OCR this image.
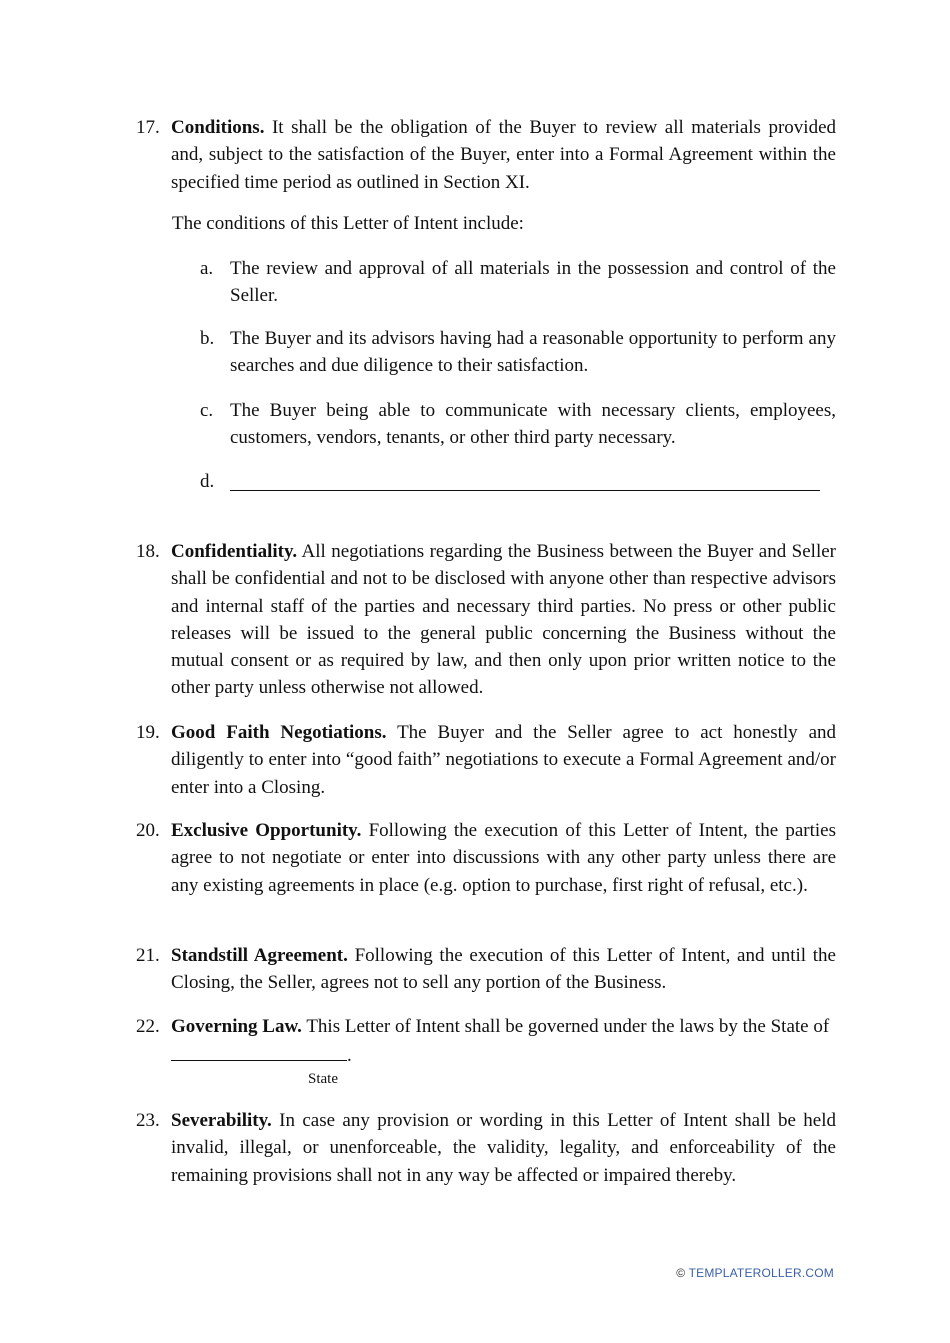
17. Conditions. It shall be the obligation of the Buyer to review all materials provided and, subject to the satisfaction of the Buyer, enter into a Formal Agreement within the specified time period as outlined in Section XI.
The conditions of this Letter of Intent include:
a. The review and approval of all materials in the possession and control of the Seller.
b. The Buyer and its advisors having had a reasonable opportunity to perform any searches and due diligence to their satisfaction.
c. The Buyer being able to communicate with necessary clients, employees, customers, vendors, tenants, or other third party necessary.
d.
18. Confidentiality. All negotiations regarding the Business between the Buyer and Seller shall be confidential and not to be disclosed with anyone other than respective advisors and internal staff of the parties and necessary third parties. No press or other public releases will be issued to the general public concerning the Business without the mutual consent or as required by law, and then only upon prior written notice to the other party unless otherwise not allowed.
19. Good Faith Negotiations. The Buyer and the Seller agree to act honestly and diligently to enter into “good faith” negotiations to execute a Formal Agreement and/or enter into a Closing.
20. Exclusive Opportunity. Following the execution of this Letter of Intent, the parties agree to not negotiate or enter into discussions with any other party unless there are any existing agreements in place (e.g. option to purchase, first right of refusal, etc.).
21. Standstill Agreement. Following the execution of this Letter of Intent, and until the Closing, the Seller, agrees not to sell any portion of the Business.
22. Governing Law. This Letter of Intent shall be governed under the laws by the State of .
State
23. Severability. In case any provision or wording in this Letter of Intent shall be held invalid, illegal, or unenforceable, the validity, legality, and enforceability of the remaining provisions shall not in any way be affected or impaired thereby.
© TEMPLATEROLLER.COM
